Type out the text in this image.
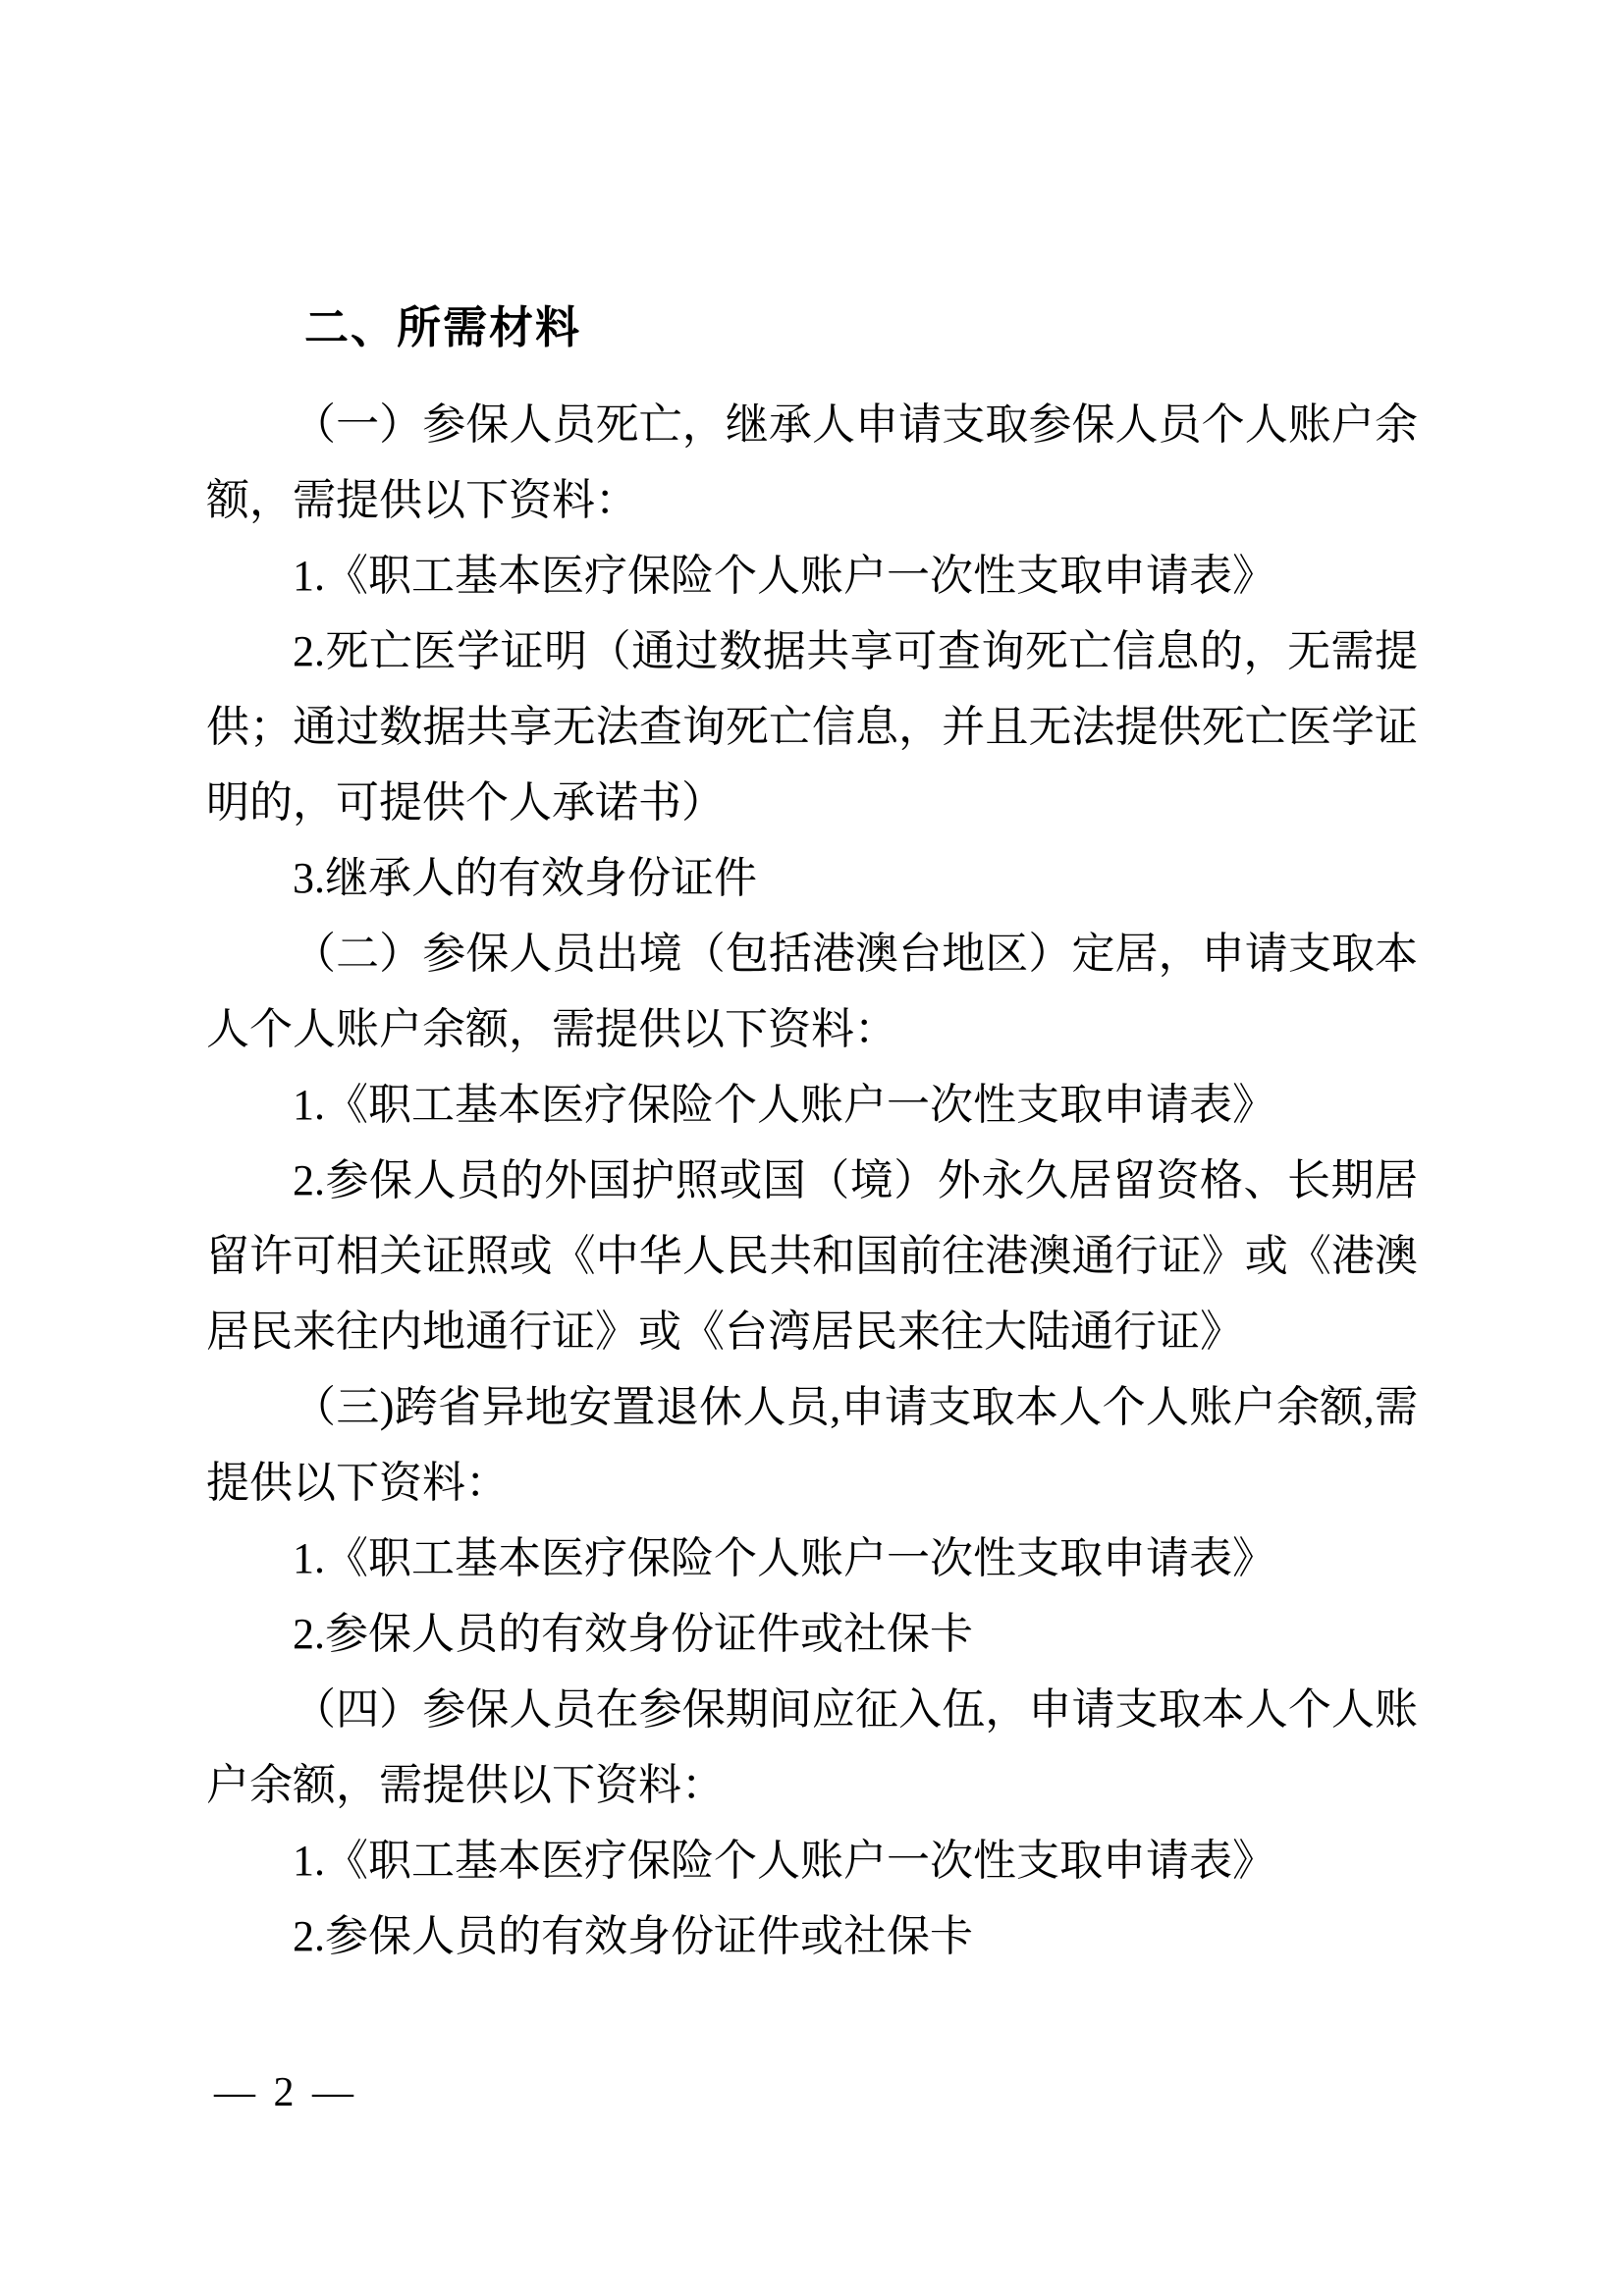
二、所需材料

（一）参保人员死亡，继承人申请支取参保人员个人账户余额，需提供以下资料：

1.《职工基本医疗保险个人账户一次性支取申请表》

2.死亡医学证明（通过数据共享可查询死亡信息的，无需提供；通过数据共享无法查询死亡信息，并且无法提供死亡医学证明的，可提供个人承诺书）

3.继承人的有效身份证件

（二）参保人员出境（包括港澳台地区）定居，申请支取本人个人账户余额，需提供以下资料：

1.《职工基本医疗保险个人账户一次性支取申请表》

2.参保人员的外国护照或国（境）外永久居留资格、长期居留许可相关证照或《中华人民共和国前往港澳通行证》或《港澳居民来往内地通行证》或《台湾居民来往大陆通行证》

（三)跨省异地安置退休人员,申请支取本人个人账户余额,需提供以下资料：

1.《职工基本医疗保险个人账户一次性支取申请表》

2.参保人员的有效身份证件或社保卡

（四）参保人员在参保期间应征入伍，申请支取本人个人账户余额，需提供以下资料：

1.《职工基本医疗保险个人账户一次性支取申请表》

2.参保人员的有效身份证件或社保卡

— 2 —
